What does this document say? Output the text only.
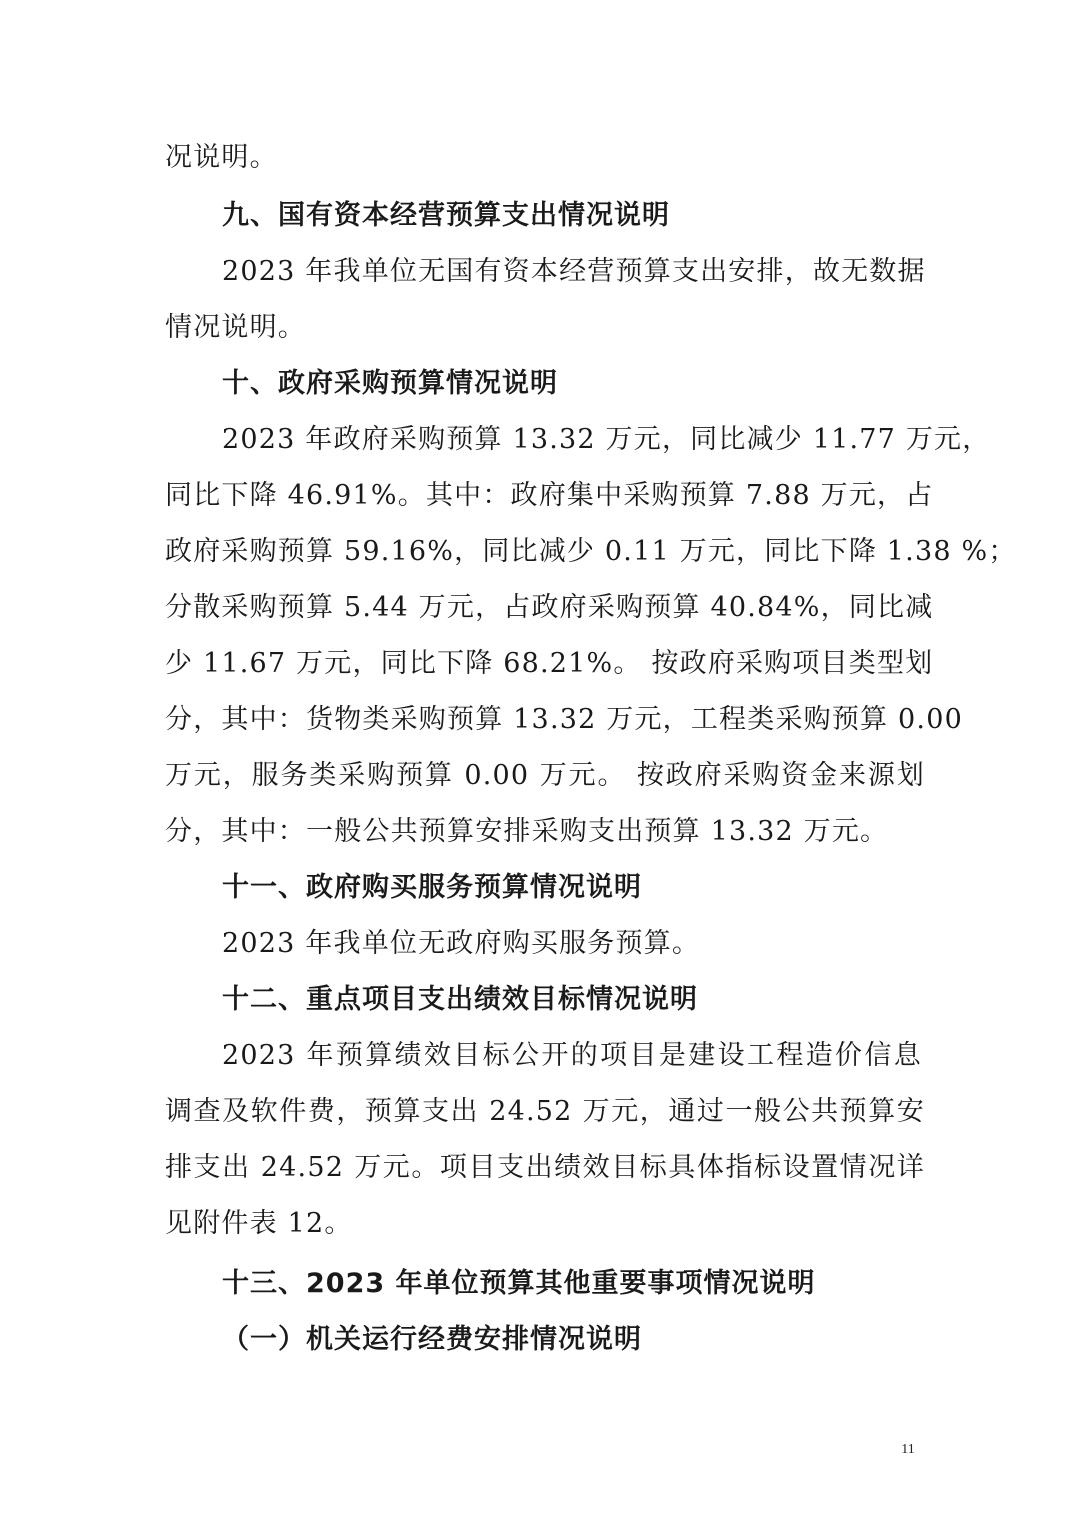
况说明。
九、国有资本经营预算支出情况说明
2023 年我单位无国有资本经营预算支出安排，故无数据
情况说明。
十、政府采购预算情况说明
2023 年政府采购预算 13.32 万元，同比减少 11.77 万元，
同比下降 46.91%。其中：政府集中采购预算 7.88 万元，占
政府采购预算 59.16%，同比减少 0.11 万元，同比下降 1.38 %；
分散采购预算 5.44 万元，占政府采购预算 40.84%，同比减
少 11.67 万元，同比下降 68.21%。 按政府采购项目类型划
分，其中：货物类采购预算 13.32 万元，工程类采购预算 0.00
万元，服务类采购预算 0.00 万元。 按政府采购资金来源划
分，其中：一般公共预算安排采购支出预算 13.32 万元。
十一、政府购买服务预算情况说明
2023 年我单位无政府购买服务预算。
十二、重点项目支出绩效目标情况说明
2023 年预算绩效目标公开的项目是建设工程造价信息
调查及软件费，预算支出 24.52 万元，通过一般公共预算安
排支出 24.52 万元。项目支出绩效目标具体指标设置情况详
见附件表 12。
十三、2023 年单位预算其他重要事项情况说明
（一）机关运行经费安排情况说明
11
